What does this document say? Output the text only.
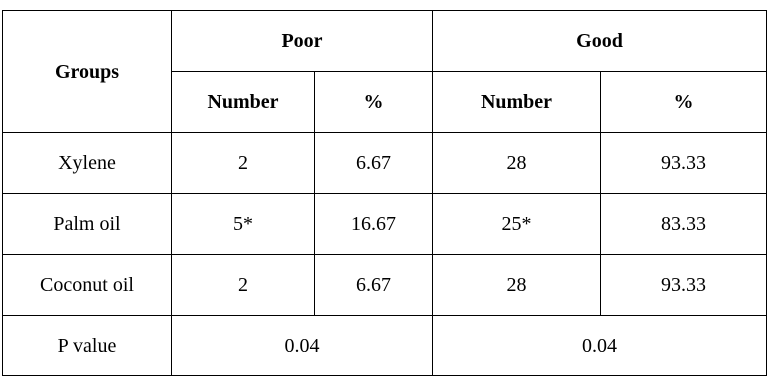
Groups	Poor		Good	
	Number	%	Number	%
Xylene	2	6.67	28	93.33
Palm oil	5*	16.67	25*	83.33
Coconut oil	2	6.67	28	93.33
P value	0.04		0.04	
